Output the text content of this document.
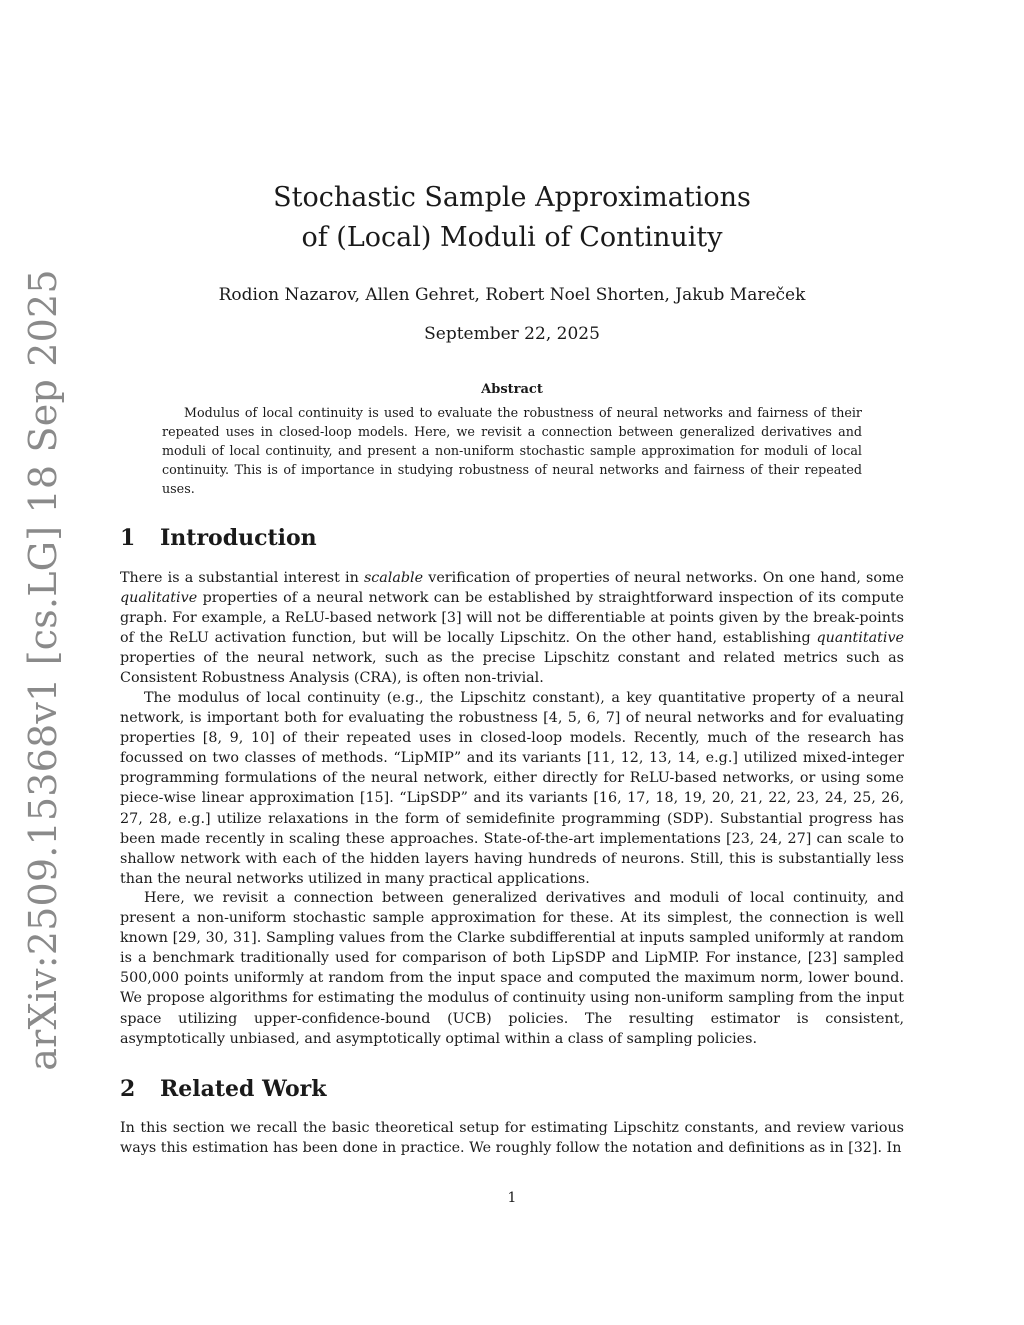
arXiv:2509.15368v1 [cs.LG] 18 Sep 2025
Stochastic Sample Approximations
of (Local) Moduli of Continuity
Rodion Nazarov, Allen Gehret, Robert Noel Shorten, Jakub Mareček
September 22, 2025
Abstract
Modulus of local continuity is used to evaluate the robustness of neural networks and fairness of their repeated uses in closed-loop models. Here, we revisit a connection between generalized derivatives and moduli of local continuity, and present a non-uniform stochastic sample approximation for moduli of local continuity. This is of importance in studying robustness of neural networks and fairness of their repeated uses.
1 Introduction
There is a substantial interest in scalable verification of properties of neural networks. On one hand, some qualitative properties of a neural network can be established by straightforward inspection of its compute graph. For example, a ReLU-based network [3] will not be differentiable at points given by the break-points of the ReLU activation function, but will be locally Lipschitz. On the other hand, establishing quantitative properties of the neural network, such as the precise Lipschitz constant and related metrics such as Consistent Robustness Analysis (CRA), is often non-trivial.
The modulus of local continuity (e.g., the Lipschitz constant), a key quantitative property of a neural network, is important both for evaluating the robustness [4, 5, 6, 7] of neural networks and for evaluating properties [8, 9, 10] of their repeated uses in closed-loop models. Recently, much of the research has focussed on two classes of methods. “LipMIP” and its variants [11, 12, 13, 14, e.g.] utilized mixed-integer programming formulations of the neural network, either directly for ReLU-based networks, or using some piece-wise linear approximation [15]. “LipSDP” and its variants [16, 17, 18, 19, 20, 21, 22, 23, 24, 25, 26, 27, 28, e.g.] utilize relaxations in the form of semidefinite programming (SDP). Substantial progress has been made recently in scaling these approaches. State-of-the-art implementations [23, 24, 27] can scale to shallow network with each of the hidden layers having hundreds of neurons. Still, this is substantially less than the neural networks utilized in many practical applications.
Here, we revisit a connection between generalized derivatives and moduli of local continuity, and present a non-uniform stochastic sample approximation for these. At its simplest, the connection is well known [29, 30, 31]. Sampling values from the Clarke subdifferential at inputs sampled uniformly at random is a benchmark traditionally used for comparison of both LipSDP and LipMIP. For instance, [23] sampled 500,000 points uniformly at random from the input space and computed the maximum norm, lower bound. We propose algorithms for estimating the modulus of continuity using non-uniform sampling from the input space utilizing upper-confidence-bound (UCB) policies. The resulting estimator is consistent, asymptotically unbiased, and asymptotically optimal within a class of sampling policies.
2 Related Work
In this section we recall the basic theoretical setup for estimating Lipschitz constants, and review various ways this estimation has been done in practice. We roughly follow the notation and definitions as in [32]. In
1
